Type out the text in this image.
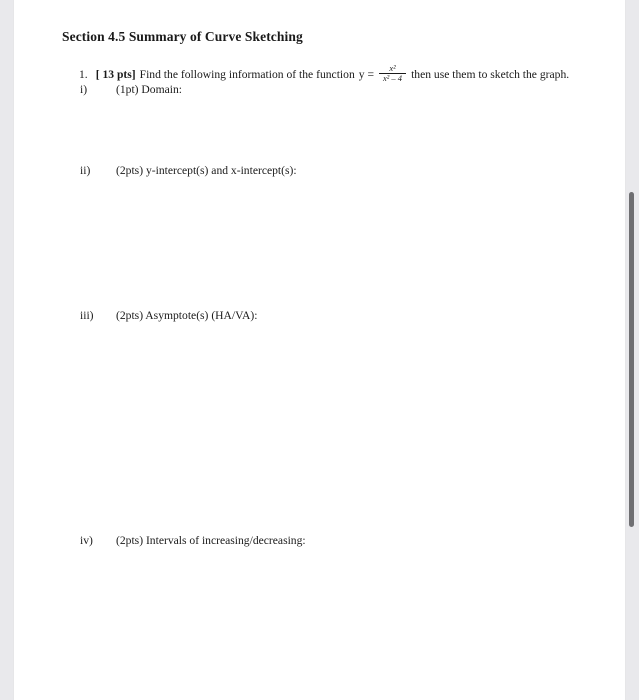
Section 4.5 Summary of Curve Sketching
1. [ 13 pts] Find the following information of the function $y = \frac{\text{x²}}{\text{x² – 4}}$ then use them to sketch the graph.
i) (1pt) Domain:
ii) (2pts) y-intercept(s) and x-intercept(s):
iii) (2pts) Asymptote(s) (HA/VA):
iv) (2pts) Intervals of increasing/decreasing:
